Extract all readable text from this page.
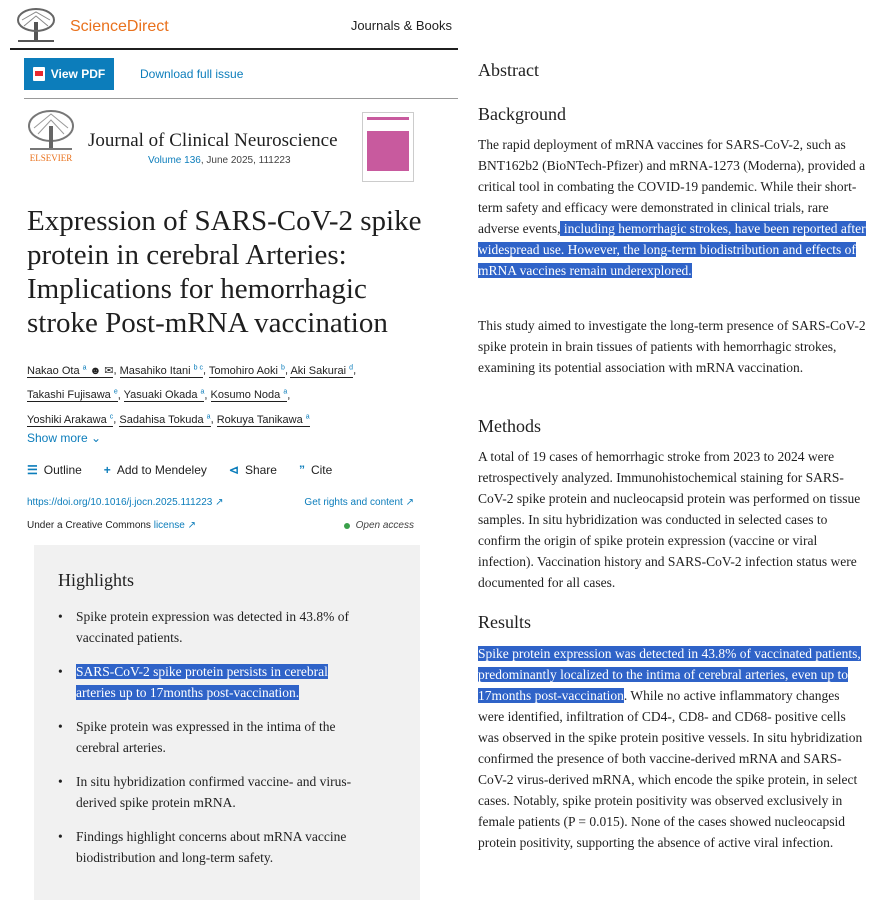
ScienceDirect	Journals & Books
View PDF	Download full issue
ELSEVIER
Journal of Clinical Neuroscience
Volume 136, June 2025, 111223
Expression of SARS-CoV-2 spike protein in cerebral Arteries: Implications for hemorrhagic stroke Post-mRNA vaccination
Nakao Ota $^a$ ☻ ✉, Masahiko Itani $^{b c}$, Tomohiro Aoki $^b$, Aki Sakurai $^d$,
Takashi Fujisawa $^e$, Yasuaki Okada $^a$, Kosumo Noda $^a$,
Yoshiki Arakawa $^c$, Sadahisa Tokuda $^a$, Rokuya Tanikawa $^a$
Show more ⌄
☰ Outline + Add to Mendeley ⊲ Share ” Cite
https://doi.org/10.1016/j.jocn.2025.111223 ↗	Get rights and content ↗
Under a Creative Commons license ↗	Open access
Highlights
• Spike protein expression was detected in 43.8% of vaccinated patients.
• SARS-CoV-2 spike protein persists in cerebral arteries up to 17months post-vaccination.
• Spike protein was expressed in the intima of the cerebral arteries.
• In situ hybridization confirmed vaccine- and virus-derived spike protein mRNA.
• Findings highlight concerns about mRNA vaccine biodistribution and long-term safety.
Abstract
Background
The rapid deployment of mRNA vaccines for SARS-CoV-2, such as BNT162b2 (BioNTech-Pfizer) and mRNA-1273 (Moderna), provided a critical tool in combating the COVID-19 pandemic. While their short-term safety and efficacy were demonstrated in clinical trials, rare adverse events, including hemorrhagic strokes, have been reported after widespread use. However, the long-term biodistribution and effects of mRNA vaccines remain underexplored.
This study aimed to investigate the long-term presence of SARS-CoV-2 spike protein in brain tissues of patients with hemorrhagic strokes, examining its potential association with mRNA vaccination.
Methods
A total of 19 cases of hemorrhagic stroke from 2023 to 2024 were retrospectively analyzed. Immunohistochemical staining for SARS-CoV-2 spike protein and nucleocapsid protein was performed on tissue samples. In situ hybridization was conducted in selected cases to confirm the origin of spike protein expression (vaccine or viral infection). Vaccination history and SARS-CoV-2 infection status were documented for all cases.
Results
Spike protein expression was detected in 43.8% of vaccinated patients, predominantly localized to the intima of cerebral arteries, even up to 17months post-vaccination. While no active inflammatory changes were identified, infiltration of CD4-, CD8- and CD68- positive cells was observed in the spike protein positive vessels. In situ hybridization confirmed the presence of both vaccine-derived mRNA and SARS-CoV-2 virus-derived mRNA, which encode the spike protein, in select cases. Notably, spike protein positivity was observed exclusively in female patients (P = 0.015). None of the cases showed nucleocapsid protein positivity, supporting the absence of active viral infection.
